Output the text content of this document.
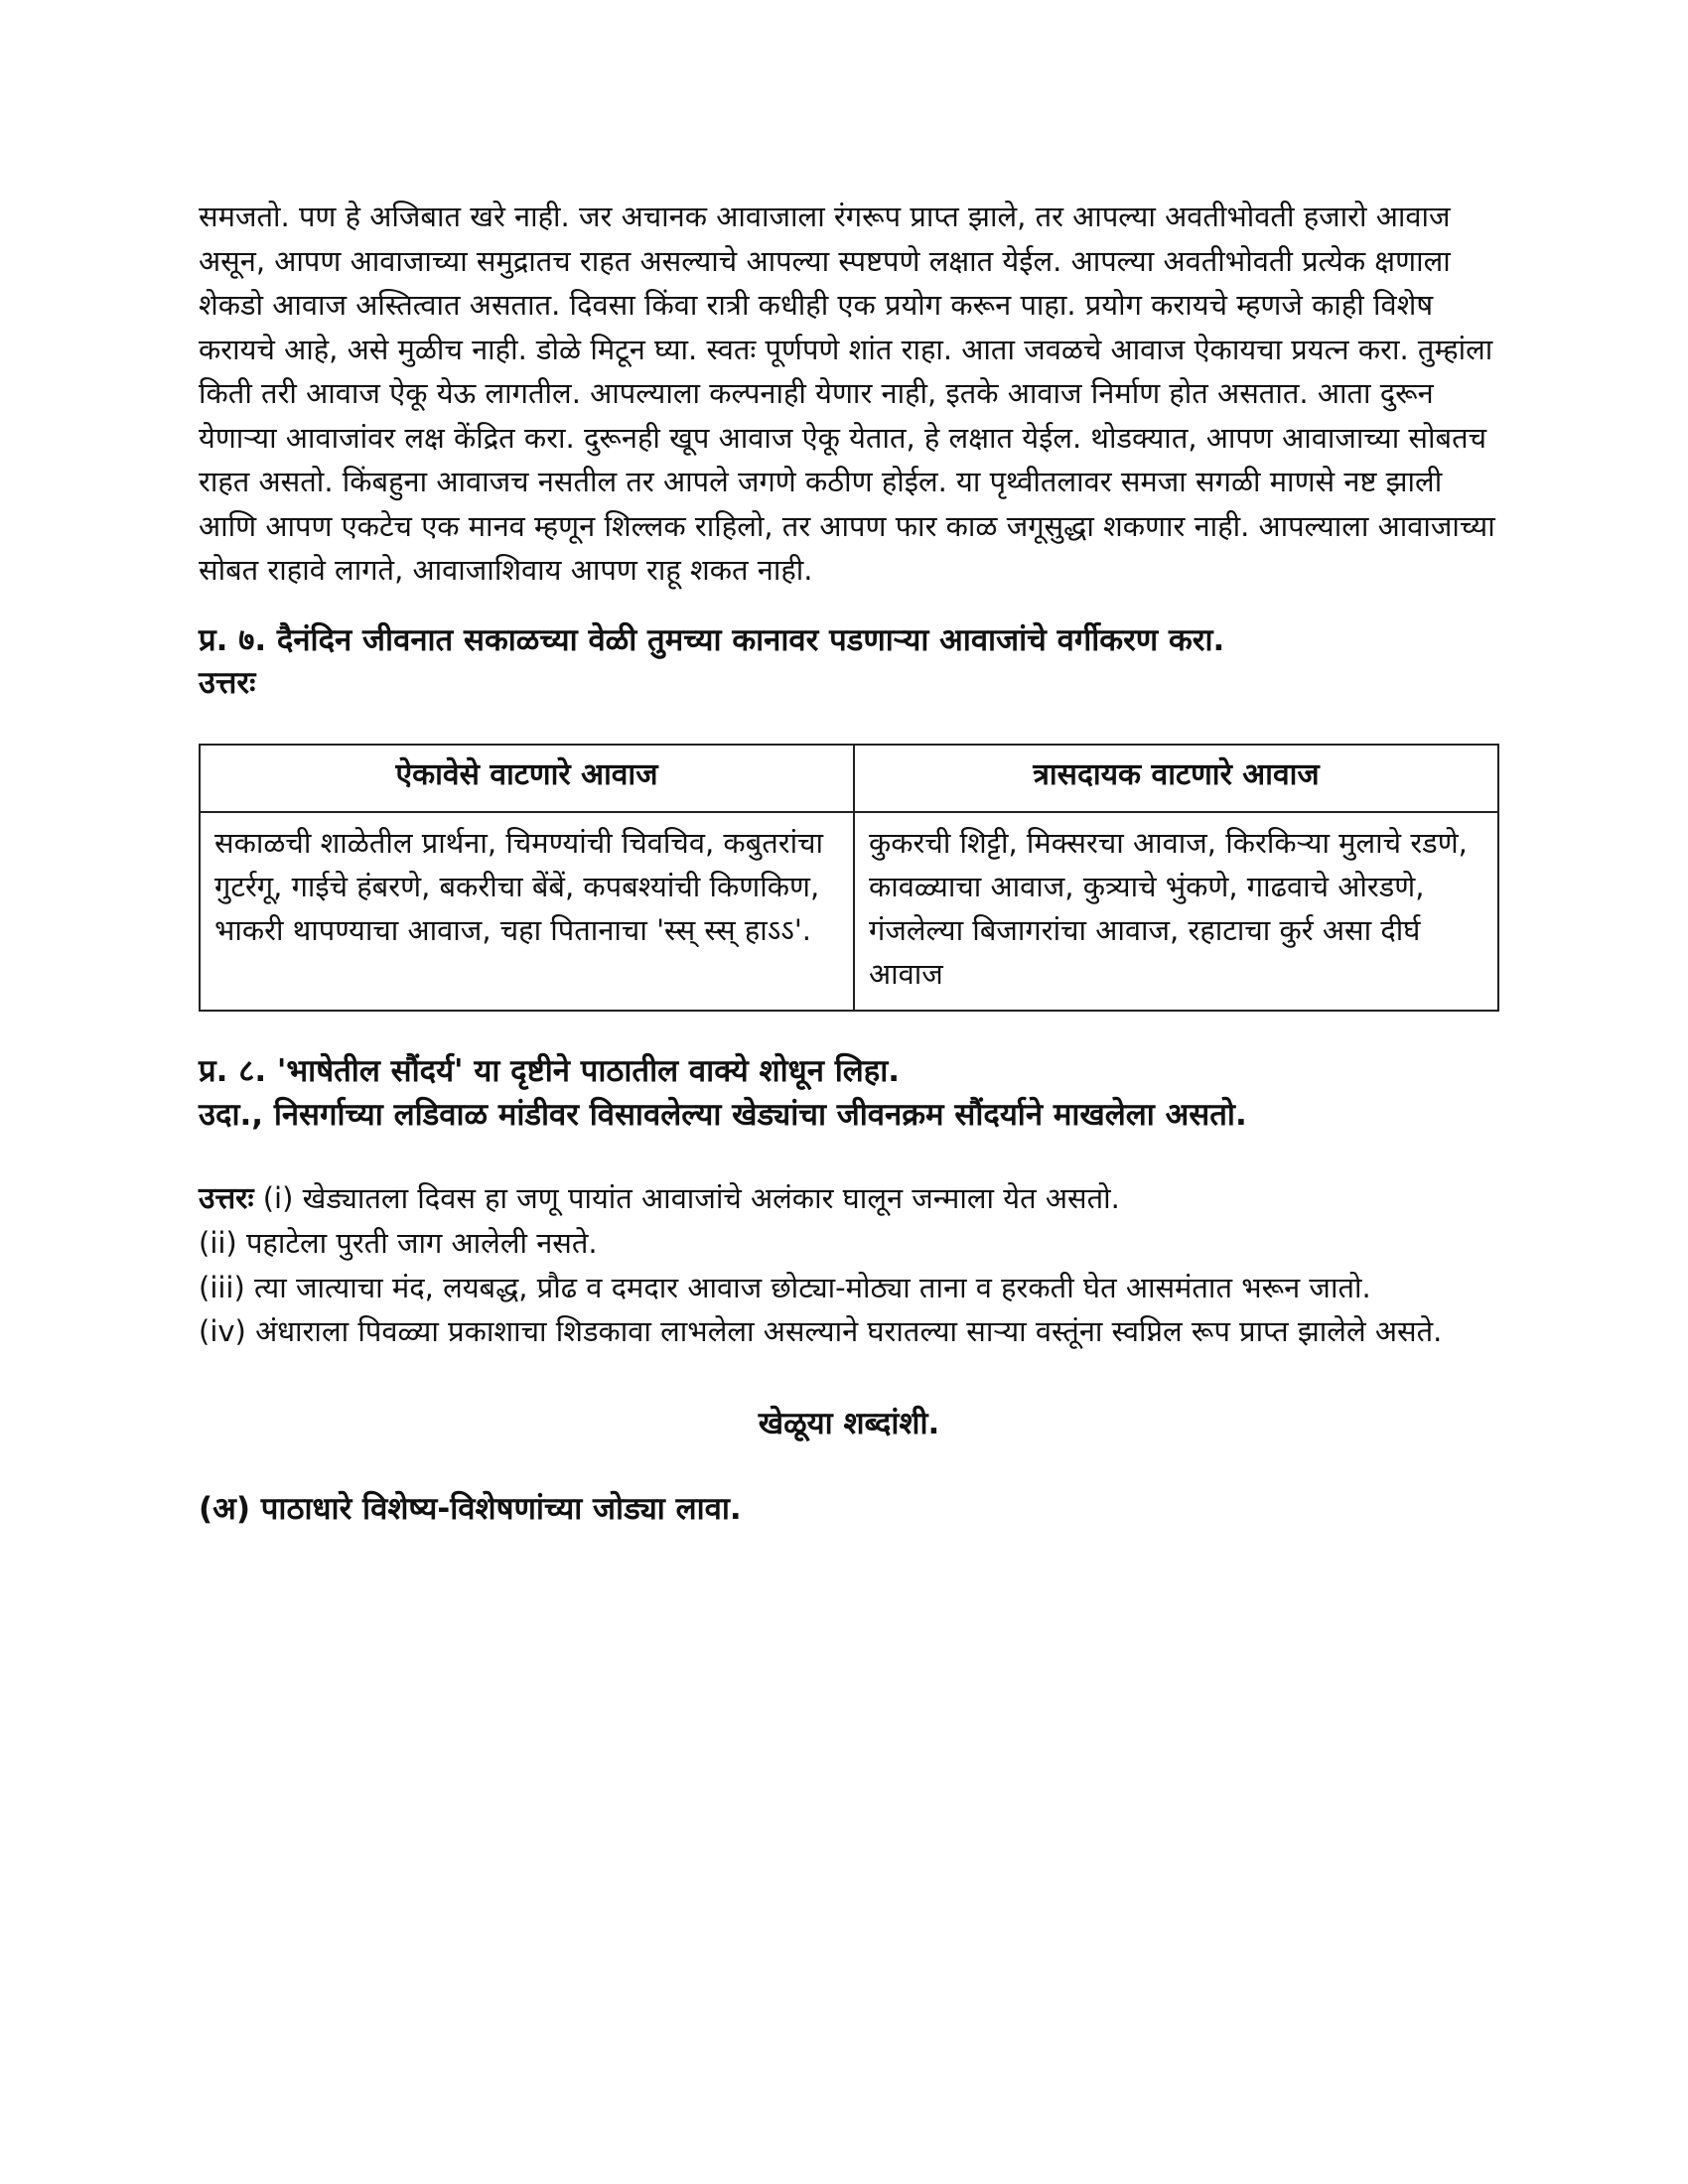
समजतो. पण हे अजिबात खरे नाही. जर अचानक आवाजाला रंगरूप प्राप्त झाले, तर आपल्या अवतीभोवती हजारो आवाज असून, आपण आवाजाच्या समुद्रातच राहत असल्याचे आपल्या स्पष्टपणे लक्षात येईल. आपल्या अवतीभोवती प्रत्येक क्षणाला शेकडो आवाज अस्तित्वात असतात. दिवसा किंवा रात्री कधीही एक प्रयोग करून पाहा. प्रयोग करायचे म्हणजे काही विशेष करायचे आहे, असे मुळीच नाही. डोळे मिटून घ्या. स्वतः पूर्णपणे शांत राहा. आता जवळचे आवाज ऐकायचा प्रयत्न करा. तुम्हांला किती तरी आवाज ऐकू येऊ लागतील. आपल्याला कल्पनाही येणार नाही, इतके आवाज निर्माण होत असतात. आता दुरून येणाऱ्या आवाजांवर लक्ष केंद्रित करा. दुरूनही खूप आवाज ऐकू येतात, हे लक्षात येईल. थोडक्यात, आपण आवाजाच्या सोबतच राहत असतो. किंबहुना आवाजच नसतील तर आपले जगणे कठीण होईल. या पृथ्वीतलावर समजा सगळी माणसे नष्ट झाली आणि आपण एकटेच एक मानव म्हणून शिल्लक राहिलो, तर आपण फार काळ जगूसुद्धा शकणार नाही. आपल्याला आवाजाच्या सोबत राहावे लागते, आवाजाशिवाय आपण राहू शकत नाही.

प्र. ७. दैनंदिन जीवनात सकाळच्या वेळी तुमच्या कानावर पडणाऱ्या आवाजांचे वर्गीकरण करा.

उत्तरः

ऐकावेसे वाटणारे आवाज	त्रासदायक वाटणारे आवाज
सकाळची शाळेतील प्रार्थना, चिमण्यांची चिवचिव, कबुतरांचा गुटर्रगू, गाईचे हंबरणे, बकरीचा बेंबें, कपबश्यांची किणकिण, भाकरी थापण्याचा आवाज, चहा पितानाचा 'स्स् स्स् हाऽऽ'.	कुकरची शिट्टी, मिक्सरचा आवाज, किरकिऱ्या मुलाचे रडणे, कावळ्याचा आवाज, कुत्र्याचे भुंकणे, गाढवाचे ओरडणे, गंजलेल्या बिजागरांचा आवाज, रहाटाचा कुर्र असा दीर्घ आवाज

प्र. ८. 'भाषेतील सौंदर्य' या दृष्टीने पाठातील वाक्ये शोधून लिहा.

उदा., निसर्गाच्या लडिवाळ मांडीवर विसावलेल्या खेड्यांचा जीवनक्रम सौंदर्याने माखलेला असतो.

उत्तरः (i) खेड्यातला दिवस हा जणू पायांत आवाजांचे अलंकार घालून जन्माला येत असतो.

(ii) पहाटेला पुरती जाग आलेली नसते.

(iii) त्या जात्याचा मंद, लयबद्ध, प्रौढ व दमदार आवाज छोट्या-मोठ्या ताना व हरकती घेत आसमंतात भरून जातो.

(iv) अंधाराला पिवळ्या प्रकाशाचा शिडकावा लाभलेला असल्याने घरातल्या साऱ्या वस्तूंना स्वप्निल रूप प्राप्त झालेले असते.

खेळूया शब्दांशी.
(अ) पाठाधारे विशेष्य-विशेषणांच्या जोड्या लावा.
